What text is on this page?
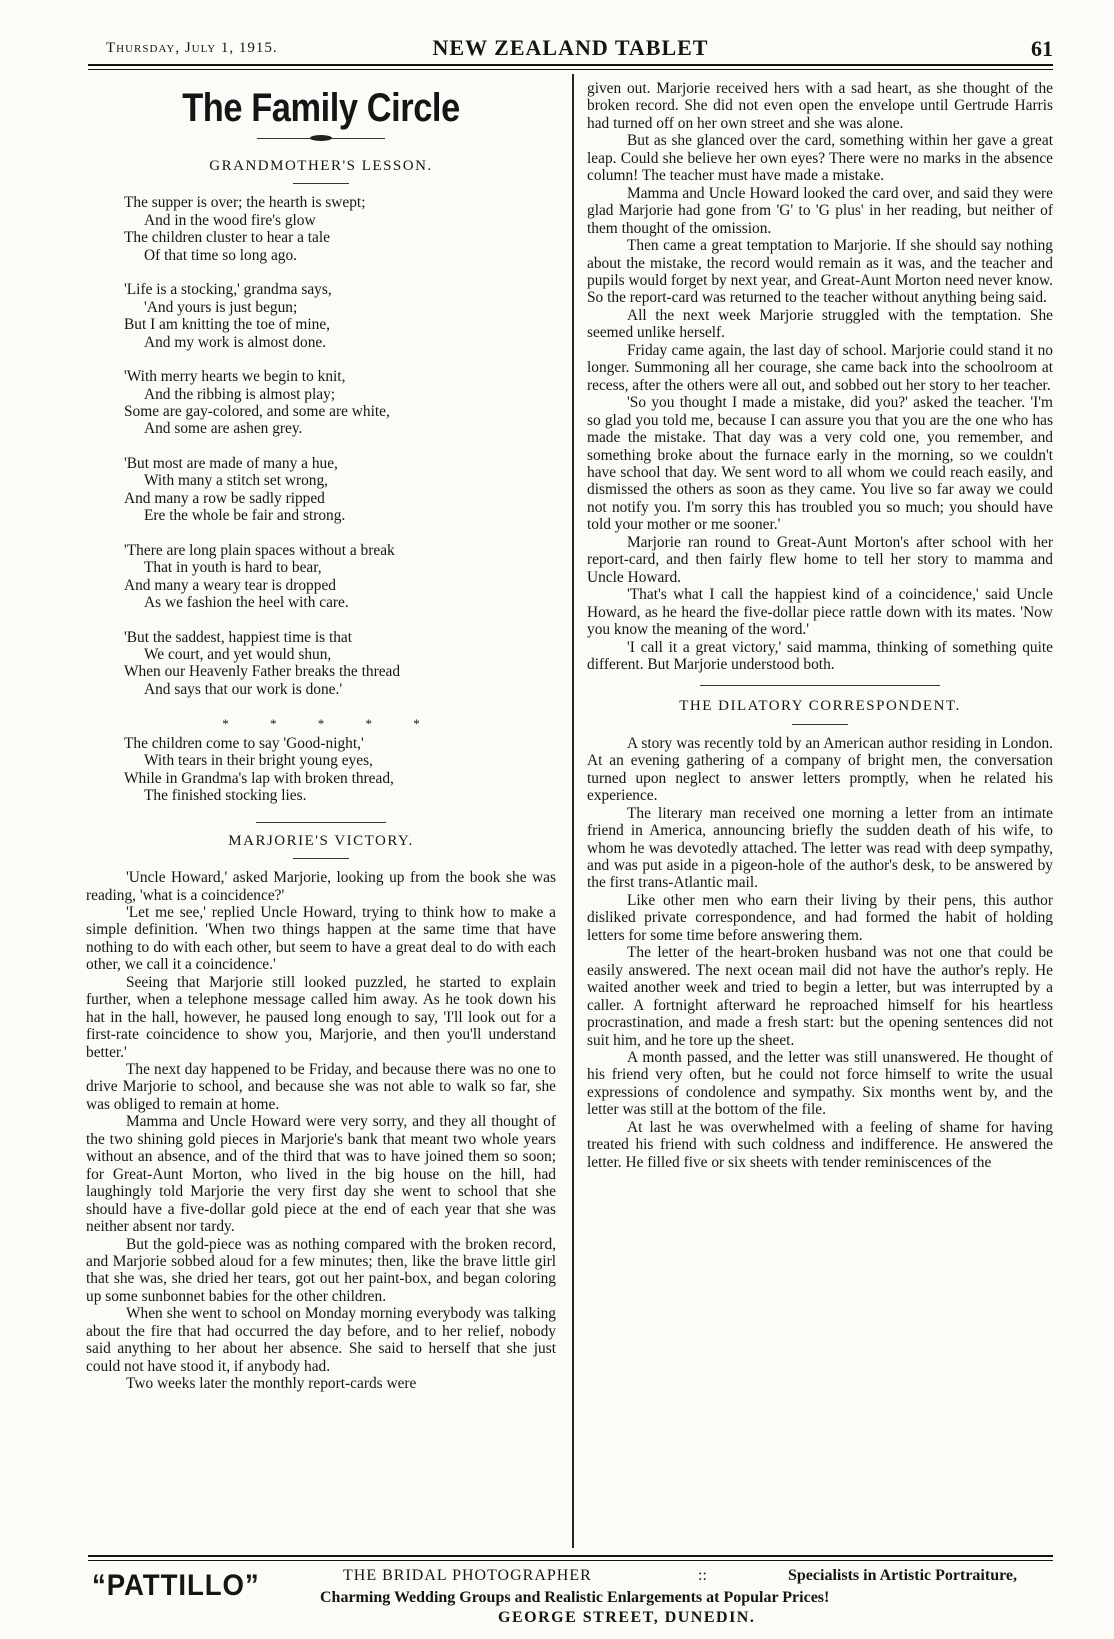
Thursday, July 1, 1915.	NEW ZEALAND TABLET	61
The Family Circle
GRANDMOTHER'S LESSON.
The supper is over; the hearth is swept;
And in the wood fire's glow
The children cluster to hear a tale
Of that time so long ago.
'Life is a stocking,' grandma says,
'And yours is just begun;
But I am knitting the toe of mine,
And my work is almost done.
'With merry hearts we begin to knit,
And the ribbing is almost play;
Some are gay-colored, and some are white,
And some are ashen grey.
'But most are made of many a hue,
With many a stitch set wrong,
And many a row be sadly ripped
Ere the whole be fair and strong.
'There are long plain spaces without a break
That in youth is hard to bear,
And many a weary tear is dropped
As we fashion the heel with care.
'But the saddest, happiest time is that
We court, and yet would shun,
When our Heavenly Father breaks the thread
And says that our work is done.'
* * * * *
The children come to say 'Good-night,'
With tears in their bright young eyes,
While in Grandma's lap with broken thread,
The finished stocking lies.
MARJORIE'S VICTORY.

'Uncle Howard,' asked Marjorie, looking up from the book she was reading, 'what is a coincidence?'

'Let me see,' replied Uncle Howard, trying to think how to make a simple definition. 'When two things happen at the same time that have nothing to do with each other, but seem to have a great deal to do with each other, we call it a coincidence.'

Seeing that Marjorie still looked puzzled, he started to explain further, when a telephone message called him away. As he took down his hat in the hall, however, he paused long enough to say, 'I'll look out for a first-rate coincidence to show you, Marjorie, and then you'll understand better.'

The next day happened to be Friday, and because there was no one to drive Marjorie to school, and because she was not able to walk so far, she was obliged to remain at home.

Mamma and Uncle Howard were very sorry, and they all thought of the two shining gold pieces in Marjorie's bank that meant two whole years without an absence, and of the third that was to have joined them so soon; for Great-Aunt Morton, who lived in the big house on the hill, had laughingly told Marjorie the very first day she went to school that she should have a five-dollar gold piece at the end of each year that she was neither absent nor tardy.

But the gold-piece was as nothing compared with the broken record, and Marjorie sobbed aloud for a few minutes; then, like the brave little girl that she was, she dried her tears, got out her paint-box, and began coloring up some sunbonnet babies for the other children.

When she went to school on Monday morning everybody was talking about the fire that had occurred the day before, and to her relief, nobody said anything to her about her absence. She said to herself that she just could not have stood it, if anybody had.

Two weeks later the monthly report-cards were

given out. Marjorie received hers with a sad heart, as she thought of the broken record. She did not even open the envelope until Gertrude Harris had turned off on her own street and she was alone.

But as she glanced over the card, something within her gave a great leap. Could she believe her own eyes? There were no marks in the absence column! The teacher must have made a mistake.

Mamma and Uncle Howard looked the card over, and said they were glad Marjorie had gone from 'G' to 'G plus' in her reading, but neither of them thought of the omission.

Then came a great temptation to Marjorie. If she should say nothing about the mistake, the record would remain as it was, and the teacher and pupils would forget by next year, and Great-Aunt Morton need never know. So the report-card was returned to the teacher without anything being said.

All the next week Marjorie struggled with the temptation. She seemed unlike herself.

Friday came again, the last day of school. Marjorie could stand it no longer. Summoning all her courage, she came back into the schoolroom at recess, after the others were all out, and sobbed out her story to her teacher.

'So you thought I made a mistake, did you?' asked the teacher. 'I'm so glad you told me, because I can assure you that you are the one who has made the mistake. That day was a very cold one, you remember, and something broke about the furnace early in the morning, so we couldn't have school that day. We sent word to all whom we could reach easily, and dismissed the others as soon as they came. You live so far away we could not notify you. I'm sorry this has troubled you so much; you should have told your mother or me sooner.'

Marjorie ran round to Great-Aunt Morton's after school with her report-card, and then fairly flew home to tell her story to mamma and Uncle Howard.

'That's what I call the happiest kind of a coincidence,' said Uncle Howard, as he heard the five-dollar piece rattle down with its mates. 'Now you know the meaning of the word.'

'I call it a great victory,' said mamma, thinking of something quite different. But Marjorie understood both.

THE DILATORY CORRESPONDENT.

A story was recently told by an American author residing in London. At an evening gathering of a company of bright men, the conversation turned upon neglect to answer letters promptly, when he related his experience.

The literary man received one morning a letter from an intimate friend in America, announcing briefly the sudden death of his wife, to whom he was devotedly attached. The letter was read with deep sympathy, and was put aside in a pigeon-hole of the author's desk, to be answered by the first trans-Atlantic mail.

Like other men who earn their living by their pens, this author disliked private correspondence, and had formed the habit of holding letters for some time before answering them.

The letter of the heart-broken husband was not one that could be easily answered. The next ocean mail did not have the author's reply. He waited another week and tried to begin a letter, but was interrupted by a caller. A fortnight afterward he reproached himself for his heartless procrastination, and made a fresh start: but the opening sentences did not suit him, and he tore up the sheet.

A month passed, and the letter was still unanswered. He thought of his friend very often, but he could not force himself to write the usual expressions of condolence and sympathy. Six months went by, and the letter was still at the bottom of the file.

At last he was overwhelmed with a feeling of shame for having treated his friend with such coldness and indifference. He answered the letter. He filled five or six sheets with tender reminiscences of the

“PATTILLO”	THE BRIDAL PHOTOGRAPHER	::	Specialists in Artistic Portraiture,
Charming Wedding Groups and Realistic Enlargements at Popular Prices!
GEORGE STREET, DUNEDIN.
